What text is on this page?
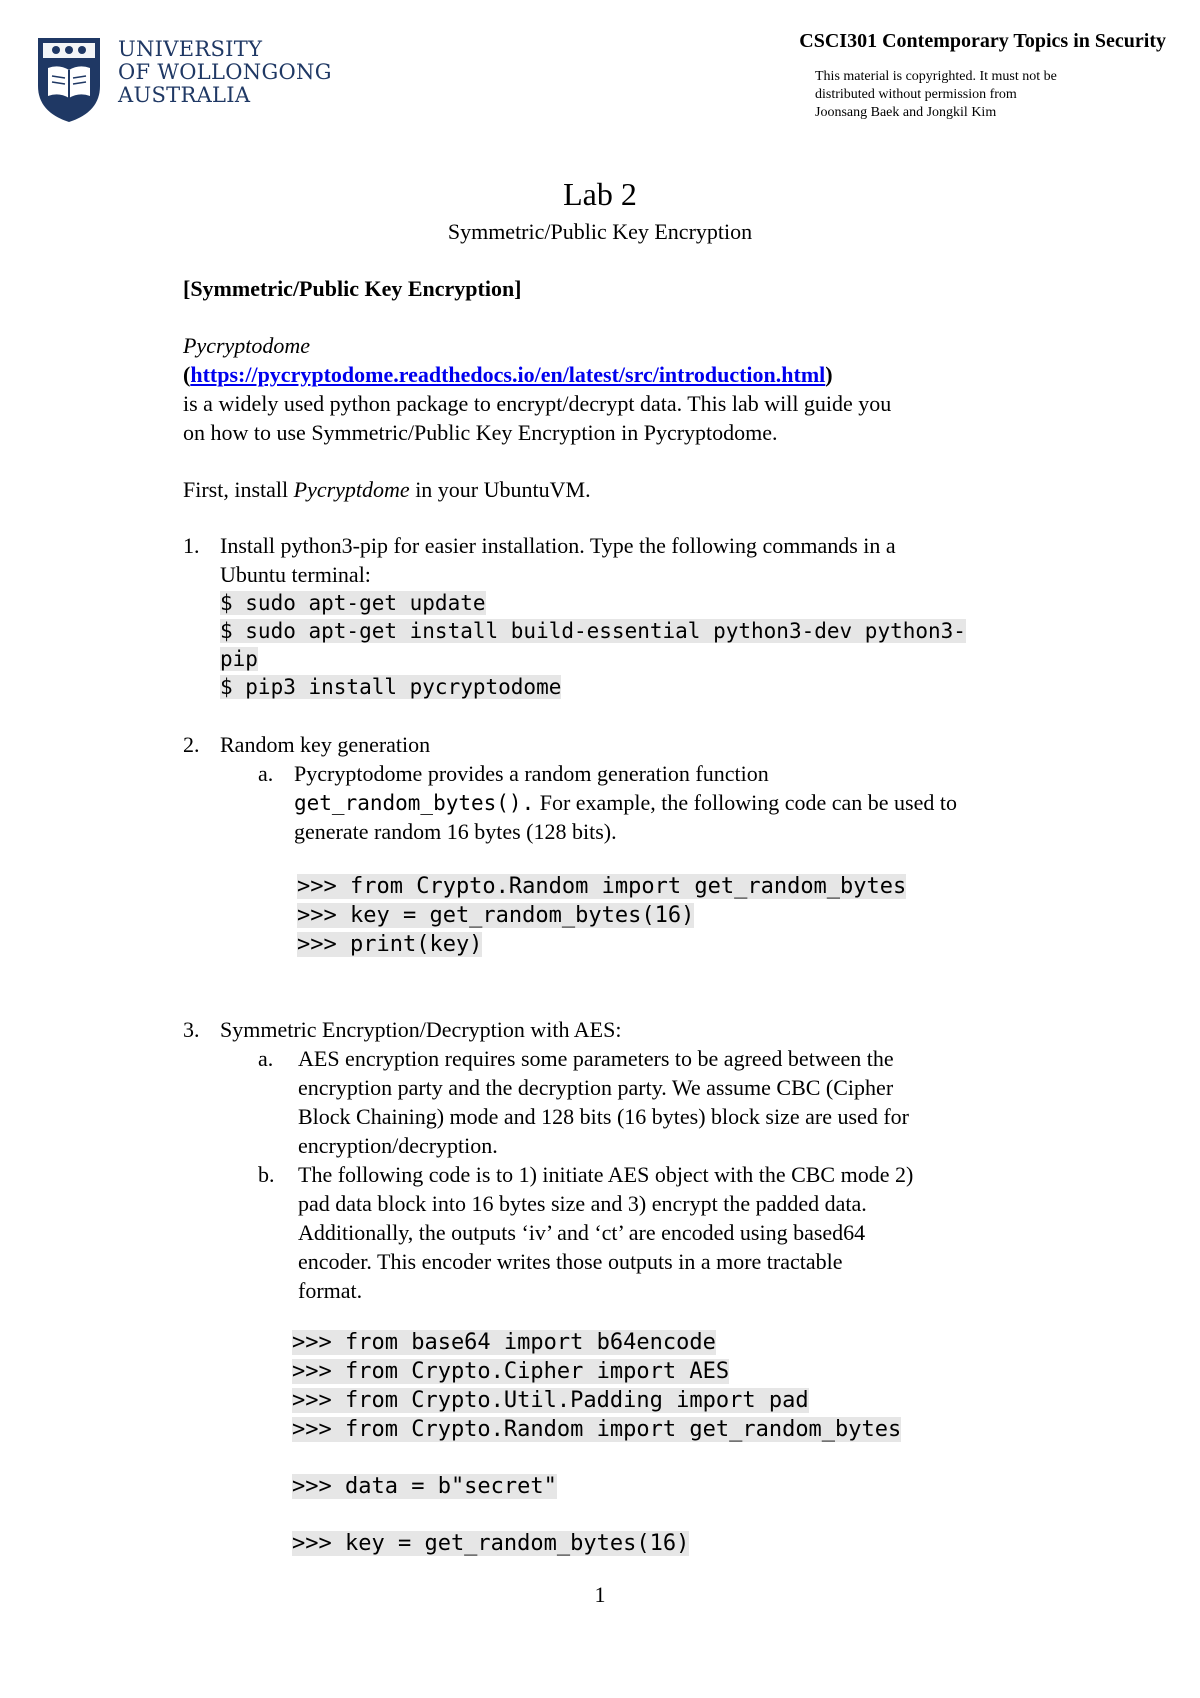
UNIVERSITY
OF WOLLONGONG
AUSTRALIA
CSCI301 Contemporary Topics in Security
This material is copyrighted. It must not be
distributed without permission from
Joonsang Baek and Jongkil Kim
Lab 2
Symmetric/Public Key Encryption
[Symmetric/Public Key Encryption]
Pycryptodome
(https://pycryptodome.readthedocs.io/en/latest/src/introduction.html)
is a widely used python package to encrypt/decrypt data. This lab will guide you
on how to use Symmetric/Public Key Encryption in Pycryptodome.
First, install Pycryptdome in your UbuntuVM.
1. Install python3-pip for easier installation. Type the following commands in a
Ubuntu terminal:
$ sudo apt-get update
$ sudo apt-get install build-essential python3-dev python3-
pip
$ pip3 install pycryptodome
2. Random key generation
a. Pycryptodome provides a random generation function
get_random_bytes(). For example, the following code can be used to
generate random 16 bytes (128 bits).
>>> from Crypto.Random import get_random_bytes
>>> key = get_random_bytes(16)
>>> print(key)
3. Symmetric Encryption/Decryption with AES:
a. AES encryption requires some parameters to be agreed between the
encryption party and the decryption party. We assume CBC (Cipher
Block Chaining) mode and 128 bits (16 bytes) block size are used for
encryption/decryption.
b. The following code is to 1) initiate AES object with the CBC mode 2)
pad data block into 16 bytes size and 3) encrypt the padded data.
Additionally, the outputs ‘iv’ and ‘ct’ are encoded using based64
encoder. This encoder writes those outputs in a more tractable
format.
>>> from base64 import b64encode
>>> from Crypto.Cipher import AES
>>> from Crypto.Util.Padding import pad
>>> from Crypto.Random import get_random_bytes
>>> data = b"secret"
>>> key = get_random_bytes(16)
1
